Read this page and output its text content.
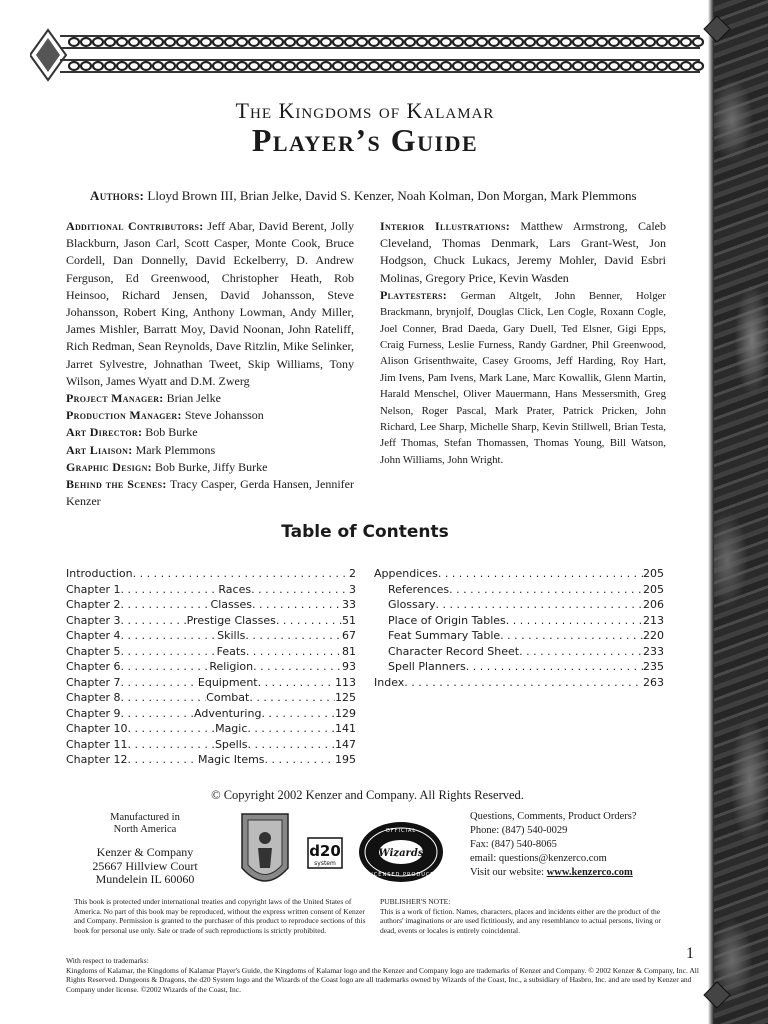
The Kingdoms of Kalamar
Player’s Guide
Authors: Lloyd Brown III, Brian Jelke, David S. Kenzer, Noah Kolman, Don Morgan, Mark Plemmons

Additional Contributors: Jeff Abar, David Berent, Jolly Blackburn, Jason Carl, Scott Casper, Monte Cook, Bruce Cordell, Dan Donnelly, David Eckelberry, D. Andrew Ferguson, Ed Greenwood, Christopher Heath, Rob Heinsoo, Richard Jensen, David Johansson, Steve Johansson, Robert King, Anthony Lowman, Andy Miller, James Mishler, Barratt Moy, David Noonan, John Rateliff, Rich Redman, Sean Reynolds, Dave Ritzlin, Mike Selinker, Jarret Sylvestre, Johnathan Tweet, Skip Williams, Tony Wilson, James Wyatt and D.M. Zwerg

Project Manager: Brian Jelke

Production Manager: Steve Johansson

Art Director: Bob Burke

Art Liaison: Mark Plemmons

Graphic Design: Bob Burke, Jiffy Burke

Behind the Scenes: Tracy Casper, Gerda Hansen, Jennifer Kenzer

Interior Illustrations: Matthew Armstrong, Caleb Cleveland, Thomas Denmark, Lars Grant-West, Jon Hodgson, Chuck Lukacs, Jeremy Mohler, David Esbri Molinas, Gregory Price, Kevin Wasden

Playtesters: German Altgelt, John Benner, Holger Brackmann, brynjolf, Douglas Click, Len Cogle, Roxann Cogle, Joel Conner, Brad Daeda, Gary Duell, Ted Elsner, Gigi Epps, Craig Furness, Leslie Furness, Randy Gardner, Phil Greenwood, Alison Grisenthwaite, Casey Grooms, Jeff Harding, Roy Hart, Jim Ivens, Pam Ivens, Mark Lane, Marc Kowallik, Glenn Martin, Harald Menschel, Oliver Mauermann, Hans Messersmith, Greg Nelson, Roger Pascal, Mark Prater, Patrick Pricken, John Richard, Lee Sharp, Michelle Sharp, Kevin Stillwell, Brian Testa, Jeff Thomas, Stefan Thomassen, Thomas Young, Bill Watson, John Williams, John Wright.

Table of Contents
Introduction . . .	2
Chapter 1 . . .	Races . . .	3
Chapter 2 . . .	Classes . . .	33
Chapter 3 . . .	Prestige Classes . . .	51
Chapter 4 . . .	Skills . . .	67
Chapter 5 . . .	Feats . . .	81
Chapter 6 . . .	Religion . . .	93
Chapter 7 . . .	Equipment . . .	113
Chapter 8 . . .	Combat . . .	125
Chapter 9 . . .	Adventuring . . .	129
Chapter 10 . . .	Magic . . .	141
Chapter 11 . . .	Spells . . .	147
Chapter 12 . . .	Magic Items . . .	195
Appendices . . .	205
References . . .	205
Glossary . . .	206
Place of Origin Tables . . .	213
Feat Summary Table . . .	220
Character Record Sheet . . .	233
Spell Planners . . .	235
Index . . .	263
© Copyright 2002 Kenzer and Company. All Rights Reserved.
Manufactured in North America
Kenzer & Company
25667 Hillview Court
Mundelein IL 60060
d20
system
Wizards
OFFICIAL
LICENSED PRODUCT
Questions, Comments, Product Orders?
Phone: (847) 540-0029
Fax: (847) 540-8065
email: questions@kenzerco.com
Visit our website: www.kenzerco.com
This book is protected under international treaties and copyright laws of the United States of America. No part of this book may be reproduced, without the express written consent of Kenzer and Company. Permission is granted to the purchaser of this product to reproduce sections of this book for personal use only. Sale or trade of such reproductions is strictly prohibited.
PUBLISHER'S NOTE:
This is a work of fiction. Names, characters, places and incidents either are the product of the authors' imaginations or are used fictitiously, and any resemblance to actual persons, living or dead, events or locales is entirely coincidental.
With respect to trademarks:
Kingdoms of Kalamar, the Kingdoms of Kalamar Player's Guide, the Kingdoms of Kalamar logo and the Kenzer and Company logo are trademarks of Kenzer and Company. © 2002 Kenzer & Company, Inc. All Rights Reserved. Dungeons & Dragons, the d20 System logo and the Wizards of the Coast logo are all trademarks owned by Wizards of the Coast, Inc., a subsidiary of Hasbro, Inc. and are used by Kenzer and Company under license. ©2002 Wizards of the Coast, Inc.
1
